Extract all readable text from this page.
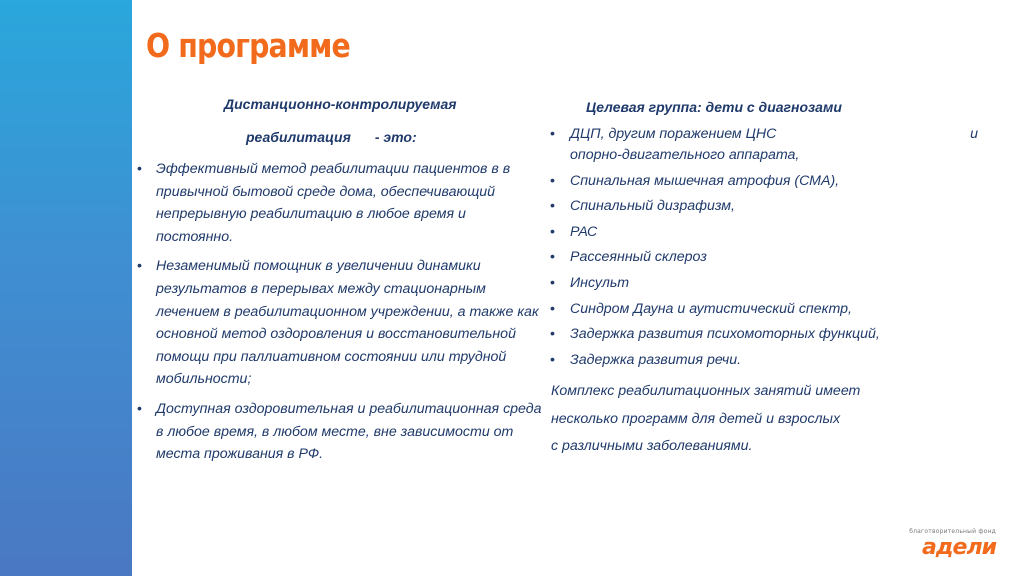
О программе
Дистанционно-контролируемая
реабилитация - это:
• Эффективный метод реабилитации пациентов в в привычной бытовой среде дома, обеспечивающий непрерывную реабилитацию в любое время и постоянно.
• Незаменимый помощник в увеличении динамики результатов в перерывах между стационарным лечением в реабилитационном учреждении, а также как основной метод оздоровления и восстановительной помощи при паллиативном состоянии или трудной мобильности;
• Доступная оздоровительная и реабилитационная среда в любое время, в любом месте, вне зависимости от места проживания в РФ.
Целевая группа: дети с диагнозами
• ДЦП, другим поражением ЦНС	и
опорно-двигательного аппарата,
• Спинальная мышечная атрофия (СМА),
• Спинальный дизрафизм,
• РАС
• Рассеянный склероз
• Инсульт
• Синдром Дауна и аутистический спектр,
• Задержка развития психомоторных функций,
• Задержка развития речи.
Комплекс реабилитационных занятий имеет
несколько программ для детей и взрослых
с различными заболеваниями.
благотворительный фонд
адели
